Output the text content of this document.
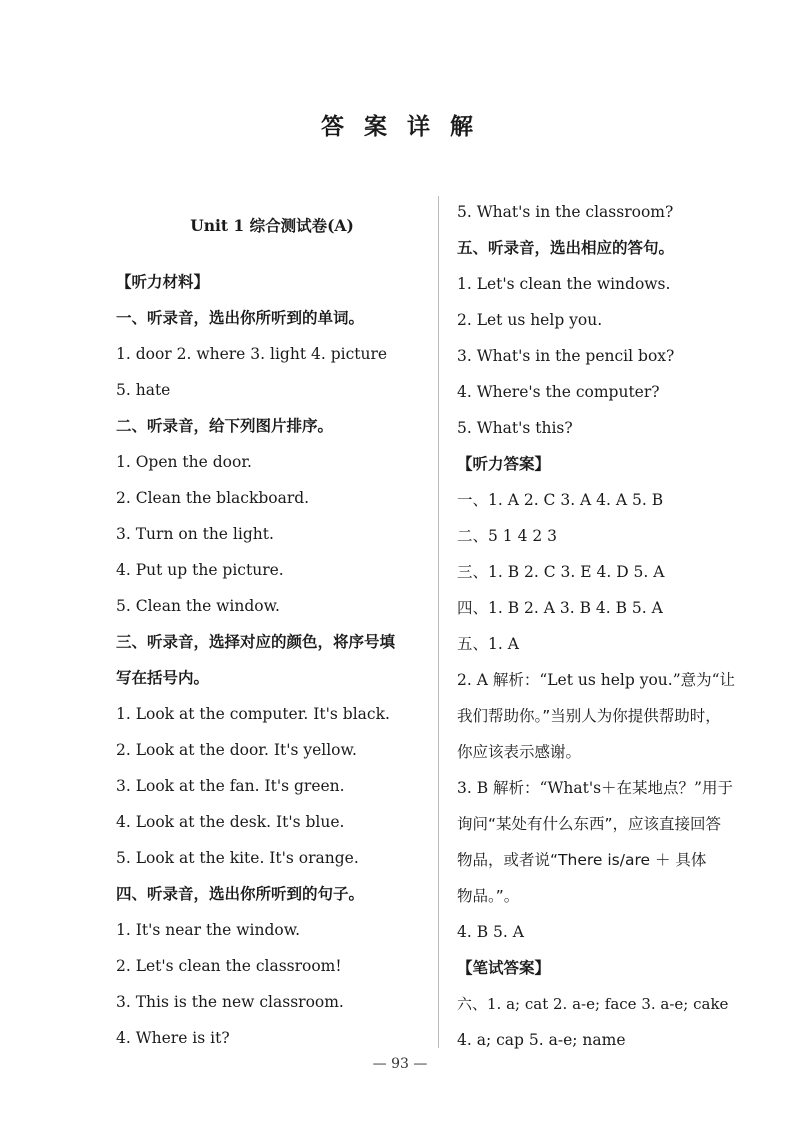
答 案 详 解
Unit 1 综合测试卷(A)
【听力材料】
一、听录音，选出你所听到的单词。
1. door 2. where 3. light 4. picture
5. hate
二、听录音，给下列图片排序。
1. Open the door.
2. Clean the blackboard.
3. Turn on the light.
4. Put up the picture.
5. Clean the window.
三、听录音，选择对应的颜色，将序号填
写在括号内。
1. Look at the computer. It's black.
2. Look at the door. It's yellow.
3. Look at the fan. It's green.
4. Look at the desk. It's blue.
5. Look at the kite. It's orange.
四、听录音，选出你所听到的句子。
1. It's near the window.
2. Let's clean the classroom!
3. This is the new classroom.
4. Where is it?
5. What's in the classroom?
五、听录音，选出相应的答句。
1. Let's clean the windows.
2. Let us help you.
3. What's in the pencil box?
4. Where's the computer?
5. What's this?
【听力答案】
一、1. A 2. C 3. A 4. A 5. B
二、5 1 4 2 3
三、1. B 2. C 3. E 4. D 5. A
四、1. B 2. A 3. B 4. B 5. A
五、1. A
2. A 解析：“Let us help you.”意为“让
我们帮助你。”当别人为你提供帮助时，
你应该表示感谢。
3. B 解析：“What's＋在某地点？”用于
询问“某处有什么东西”，应该直接回答
物品，或者说“There is/are ＋ 具体
物品。”。
4. B 5. A
【笔试答案】
六、1. a; cat 2. a-e; face 3. a-e; cake
4. a; cap 5. a-e; name
— 93 —
